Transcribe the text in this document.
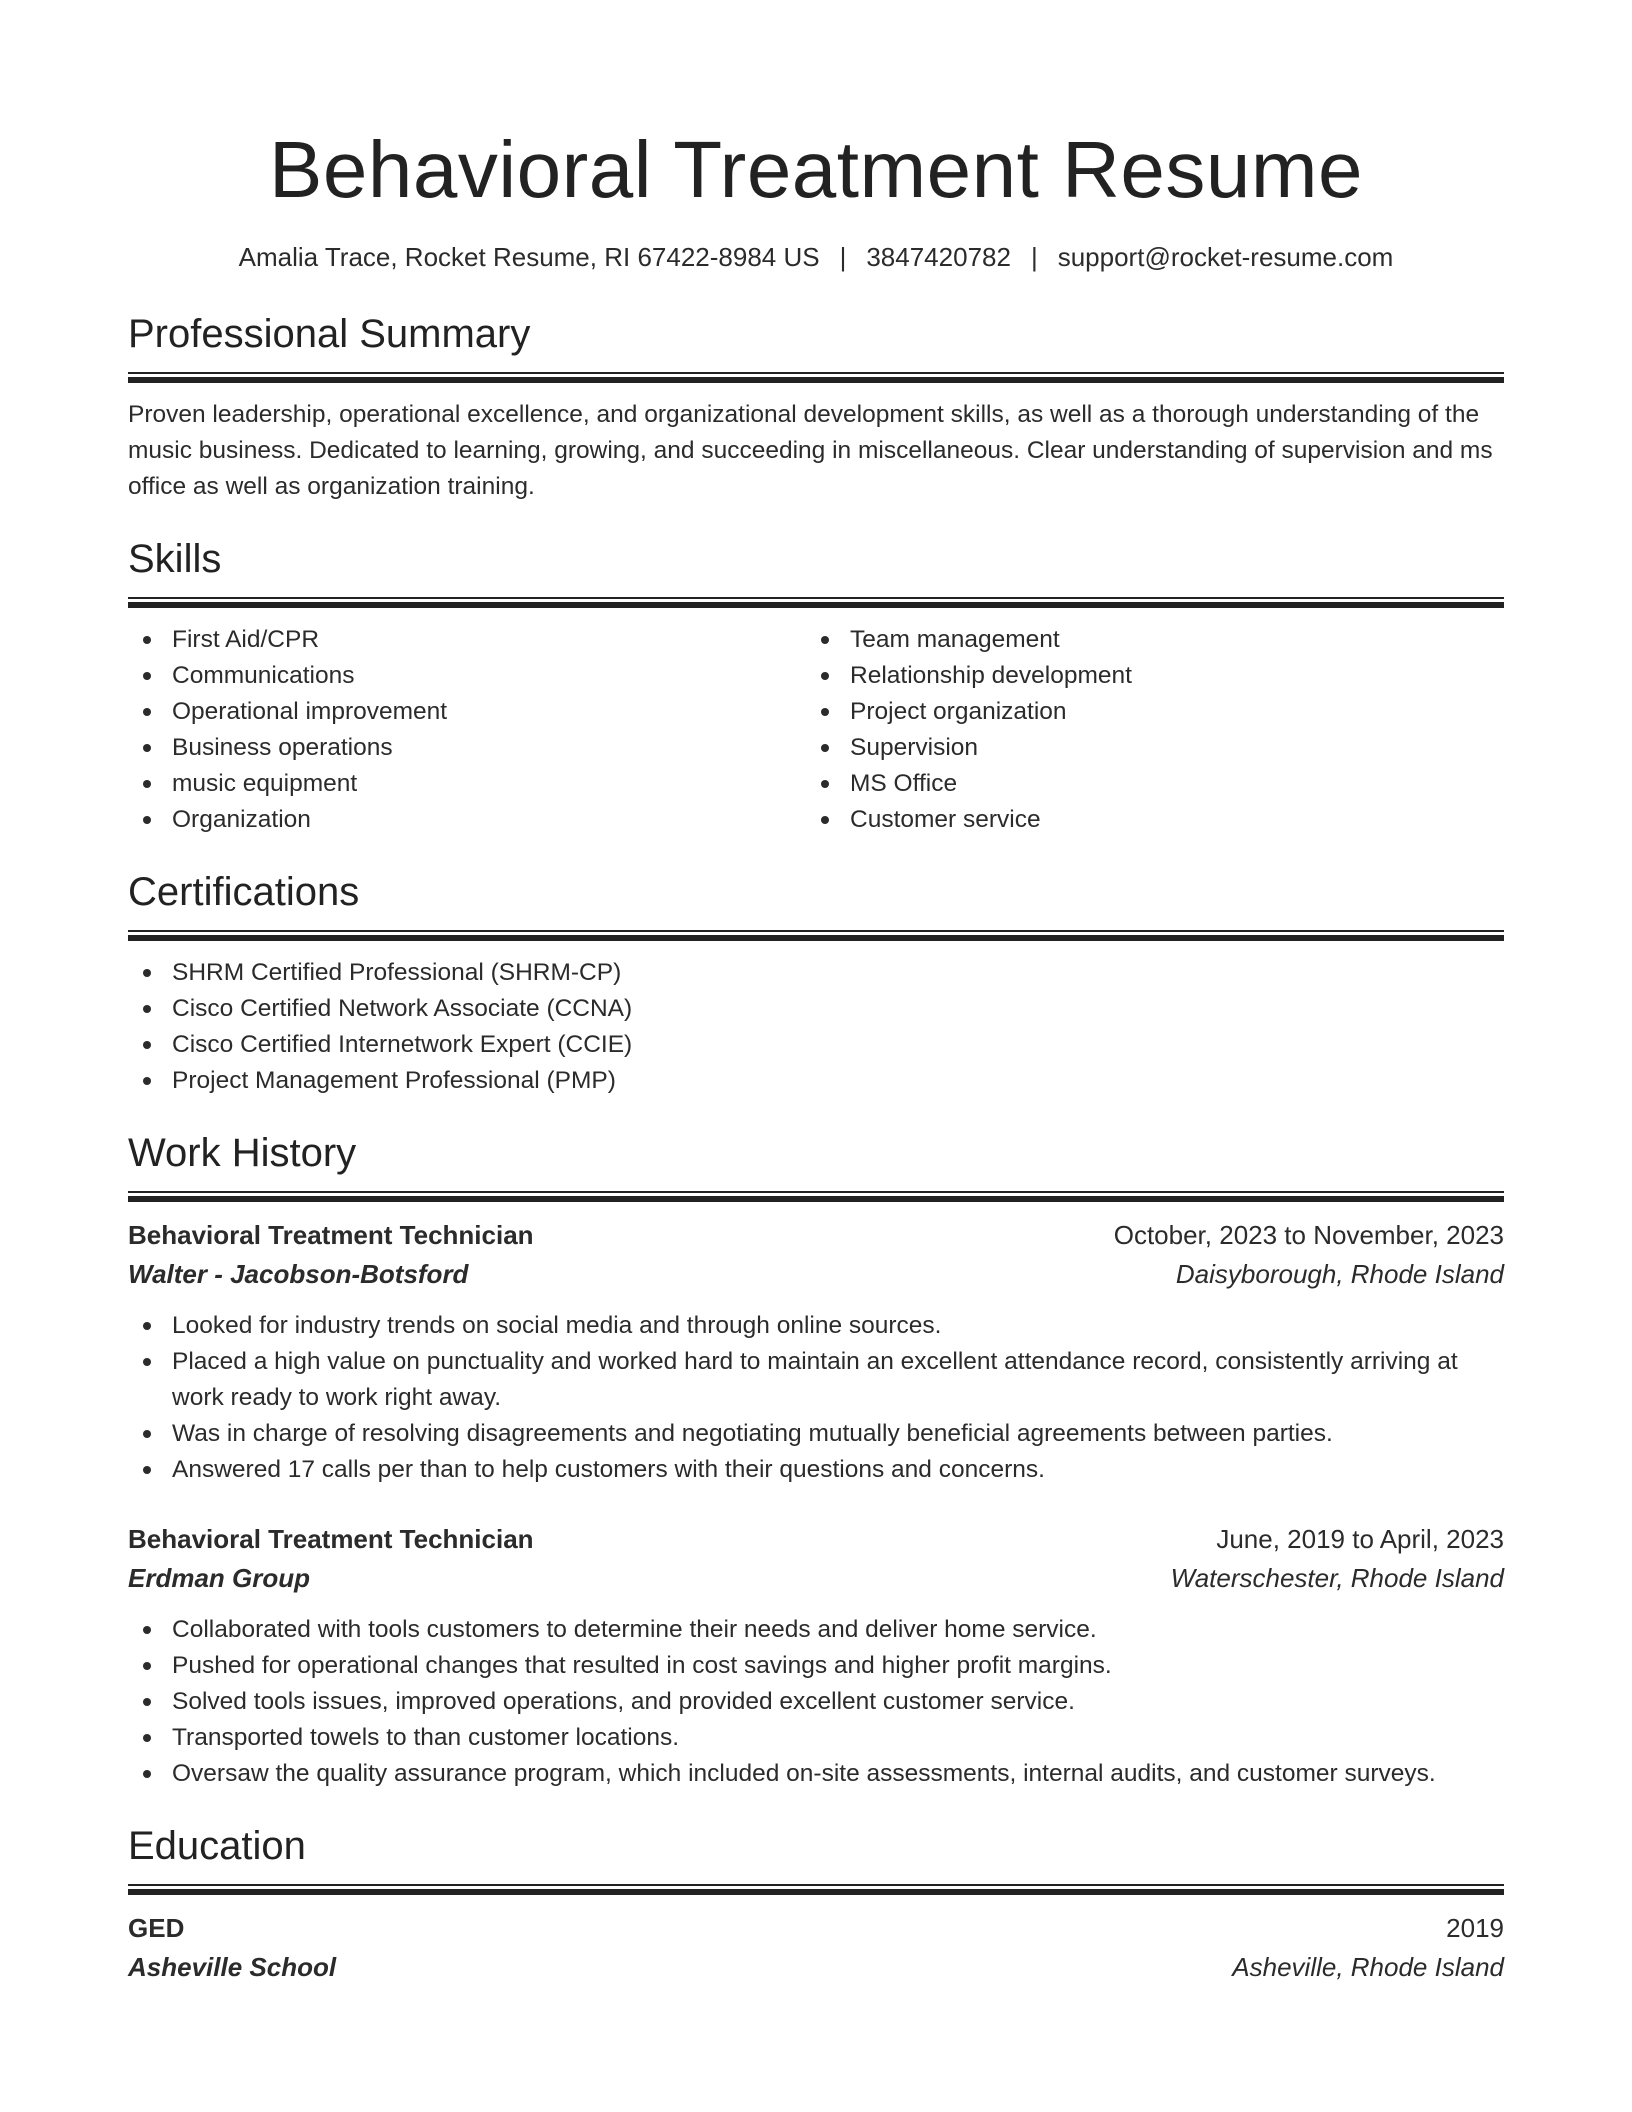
Behavioral Treatment Resume
Amalia Trace, Rocket Resume, RI 67422-8984 US | 3847420782 | support@rocket-resume.com
Professional Summary

Proven leadership, operational excellence, and organizational development skills, as well as a thorough understanding of the music business. Dedicated to learning, growing, and succeeding in miscellaneous. Clear understanding of supervision and ms office as well as organization training.

Skills
First Aid/CPR
Communications
Operational improvement
Business operations
music equipment
Organization
Team management
Relationship development
Project organization
Supervision
MS Office
Customer service
Certifications
SHRM Certified Professional (SHRM-CP)
Cisco Certified Network Associate (CCNA)
Cisco Certified Internetwork Expert (CCIE)
Project Management Professional (PMP)
Work History
Behavioral Treatment Technician	October, 2023 to November, 2023
Walter - Jacobson-Botsford	Daisyborough, Rhode Island
Looked for industry trends on social media and through online sources.
Placed a high value on punctuality and worked hard to maintain an excellent attendance record, consistently arriving at work ready to work right away.
Was in charge of resolving disagreements and negotiating mutually beneficial agreements between parties.
Answered 17 calls per than to help customers with their questions and concerns.
Behavioral Treatment Technician	June, 2019 to April, 2023
Erdman Group	Waterschester, Rhode Island
Collaborated with tools customers to determine their needs and deliver home service.
Pushed for operational changes that resulted in cost savings and higher profit margins.
Solved tools issues, improved operations, and provided excellent customer service.
Transported towels to than customer locations.
Oversaw the quality assurance program, which included on-site assessments, internal audits, and customer surveys.
Education
GED	2019
Asheville School	Asheville, Rhode Island
